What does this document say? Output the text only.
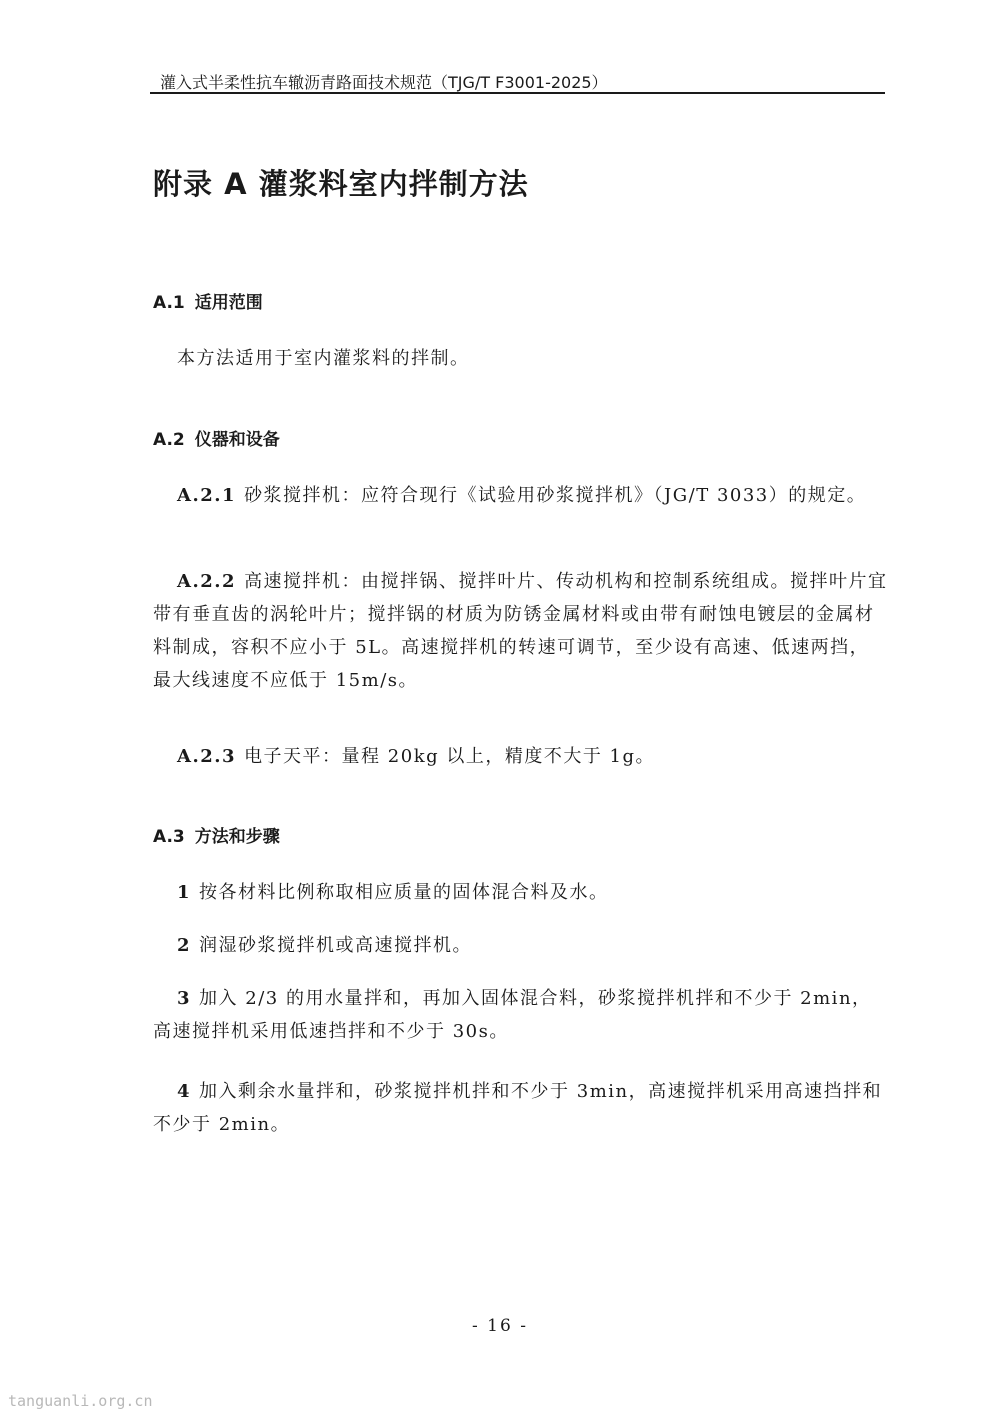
灌入式半柔性抗车辙沥青路面技术规范（TJG/T F3001-2025）
附录 A 灌浆料室内拌制方法
A.1 适用范围
本方法适用于室内灌浆料的拌制。
A.2 仪器和设备
A.2.1 砂浆搅拌机：应符合现行《试验用砂浆搅拌机》（JG/T 3033）的规定。
A.2.2 高速搅拌机：由搅拌锅、搅拌叶片、传动机构和控制系统组成。搅拌叶片宜带有垂直齿的涡轮叶片；搅拌锅的材质为防锈金属材料或由带有耐蚀电镀层的金属材料制成，容积不应小于 5L。高速搅拌机的转速可调节，至少设有高速、低速两挡，最大线速度不应低于 15m/s。
A.2.3 电子天平：量程 20kg 以上，精度不大于 1g。
A.3 方法和步骤
1 按各材料比例称取相应质量的固体混合料及水。
2 润湿砂浆搅拌机或高速搅拌机。
3 加入 2/3 的用水量拌和，再加入固体混合料，砂浆搅拌机拌和不少于 2min，高速搅拌机采用低速挡拌和不少于 30s。
4 加入剩余水量拌和，砂浆搅拌机拌和不少于 3min，高速搅拌机采用高速挡拌和不少于 2min。
- 16 -
tanguanli.org.cn
